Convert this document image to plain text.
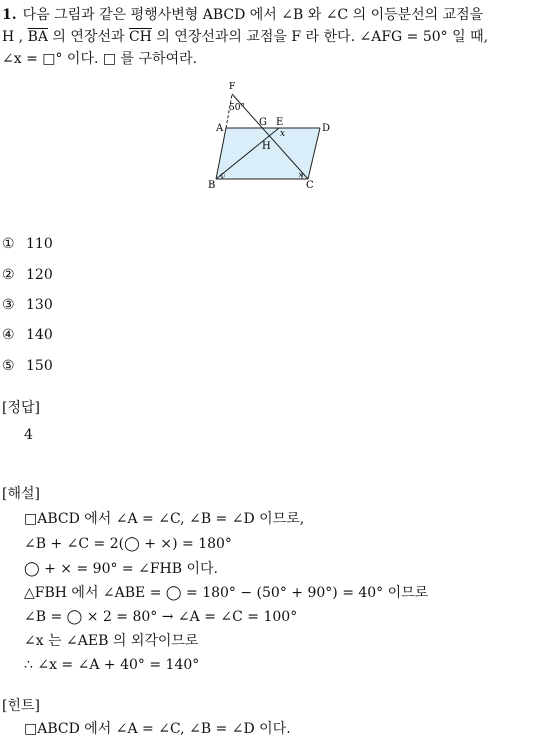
1. 다음 그림과 같은 평행사변형 ABCD 에서 ∠B 와 ∠C 의 이등분선의 교점을
H , $\overline{BA}$ 의 연장선과 $\overline{CH}$ 의 연장선과의 교점을 F 라 한다. ∠AFG = 50° 일 때,
∠x = □° 이다. □ 를 구하여라.
○	×
F
50°
A
G E
x	D
H
B	C
① 110
② 120
③ 130
④ 140
⑤ 150
[정답]
4
[해설]
□ABCD 에서 ∠A = ∠C, ∠B = ∠D 이므로,
∠B + ∠C = 2(◯ + ×) = 180°
◯ + × = 90° = ∠FHB 이다.
△FBH 에서 ∠ABE = ◯ = 180° − (50° + 90°) = 40° 이므로
∠B = ◯ × 2 = 80° → ∠A = ∠C = 100°
∠x 는 ∠AEB 의 외각이므로
∴ ∠x = ∠A + 40° = 140°
[힌트]
□ABCD 에서 ∠A = ∠C, ∠B = ∠D 이다.
